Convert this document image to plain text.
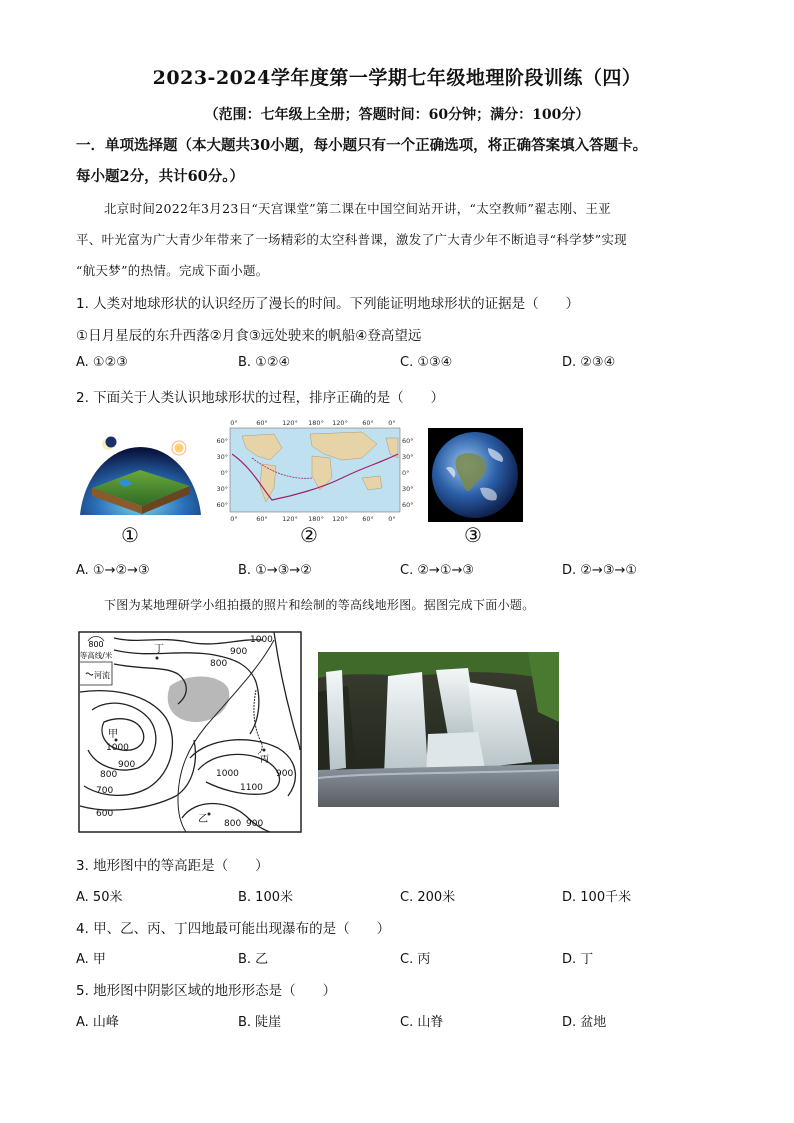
2023-2024学年度第一学期七年级地理阶段训练（四）
（范围：七年级上全册；答题时间：60分钟；满分：100分）
一．单项选择题（本大题共30小题，每小题只有一个正确选项，将正确答案填入答题卡。
每小题2分，共计60分。）
北京时间2022年3月23日“天宫课堂”第二课在中国空间站开讲，“太空教师”翟志刚、王亚
平、叶光富为广大青少年带来了一场精彩的太空科普课，激发了广大青少年不断追寻“科学梦”实现
“航天梦”的热情。完成下面小题。
1. 人类对地球形状的认识经历了漫长的时间。下列能证明地球形状的证据是（　　）
①日月星辰的东升西落②月食③远处驶来的帆船④登高望远
A. ①②③	B. ①②④	C. ①③④	D. ②③④
2. 下面关于人类认识地球形状的过程，排序正确的是（　　）
①
0°	60° 120° 180° 120° 60° 0°
0°	60° 120° 180° 120° 60° 0°
60°
30°
0°
30°
60°
60°
30°
0°
30°
60°
②	③
A. ①→②→③	B. ①→③→②	C. ②→①→③	D. ②→③→①
下图为某地理研学小组拍摄的照片和绘制的等高线地形图。据图完成下面小题。
800
等高线/米
河流
丁
甲
丙
乙
1000
900
800
1000
900
800
700
600
1100
1000	900
800 900
3. 地形图中的等高距是（　　）
A. 50米	B. 100米	C. 200米	D. 100千米
4. 甲、乙、丙、丁四地最可能出现瀑布的是（　　）
A. 甲	B. 乙	C. 丙	D. 丁
5. 地形图中阴影区域的地形形态是（　　）
A. 山峰	B. 陡崖	C. 山脊	D. 盆地
